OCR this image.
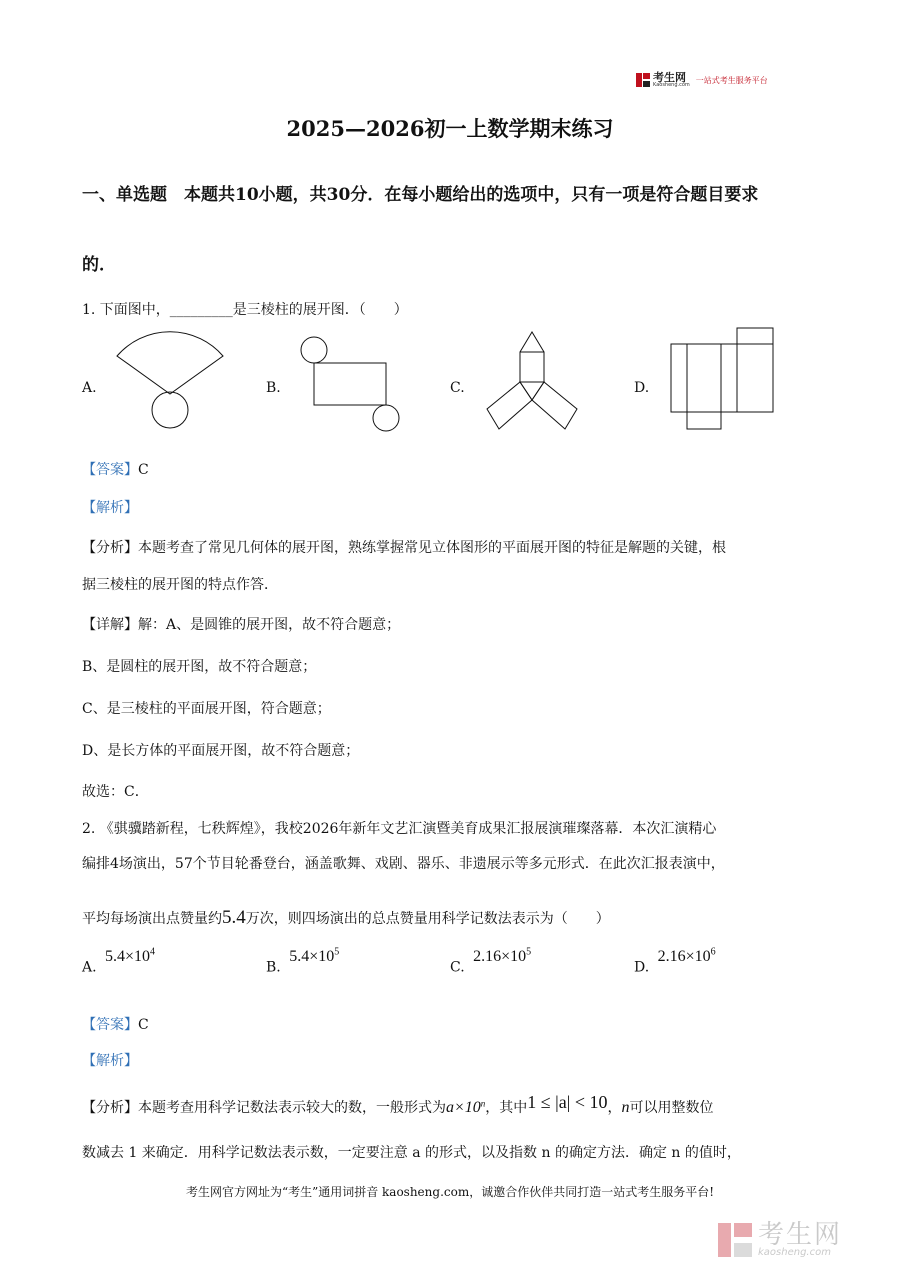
考生网
Kaosheng.com
一站式考生服务平台
2025—2026初一上数学期末练习
一、单选题　本题共10小题，共30分．在每小题给出的选项中，只有一项是符合题目要求
的．
1. 下面图中，_________是三棱柱的展开图．（　　）
A.	B.	C.	D.
【答案】C
【解析】
【分析】本题考查了常见几何体的展开图，熟练掌握常见立体图形的平面展开图的特征是解题的关键，根
据三棱柱的展开图的特点作答．
【详解】解：A、是圆锥的展开图，故不符合题意；
B、是圆柱的展开图，故不符合题意；
C、是三棱柱的平面展开图，符合题意；
D、是长方体的平面展开图，故不符合题意；
故选：C．
2. 《骐骥踏新程，七秩辉煌》，我校2026年新年文艺汇演暨美育成果汇报展演璀璨落幕．本次汇演精心
编排4场演出，57个节目轮番登台，涵盖歌舞、戏剧、器乐、非遗展示等多元形式．在此次汇报表演中，
平均每场演出点赞量约5.4万次，则四场演出的总点赞量用科学记数法表示为（　　）
A. $5.4\times 10^4$
B. $5.4\times 10^5$
C. $2.16\times 10^5$
D. $2.16\times 10^6$
【答案】C
【解析】
【分析】本题考查用科学记数法表示较大的数，一般形式为$a\times 10^n$，其中1 ≤ |a| < 10，n可以用整数位
数减去 1 来确定．用科学记数法表示数，一定要注意 a 的形式，以及指数 n 的确定方法．确定 n 的值时，
考生网官方网址为“考生”通用词拼音 kaosheng.com，诚邀合作伙伴共同打造一站式考生服务平台!
考生网
kaosheng.com
